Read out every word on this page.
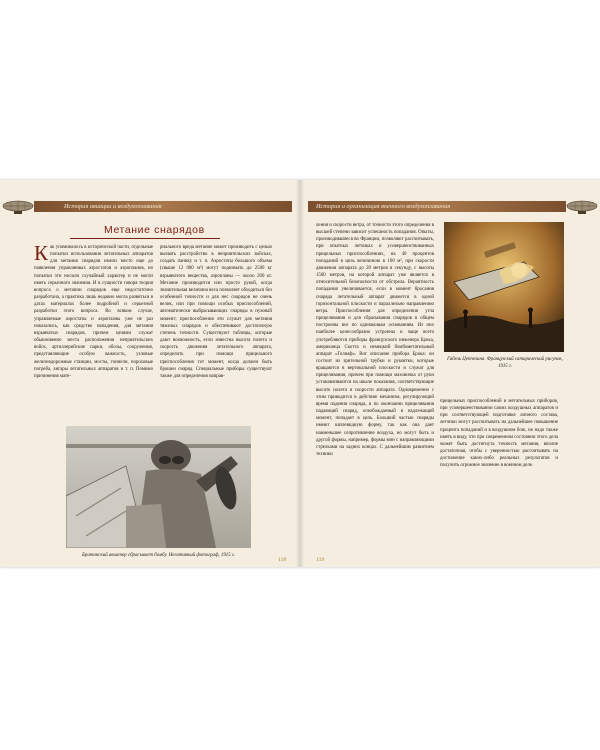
История авиации и воздухоплавания
Метание снарядов

Как упоминалось в исторической части, отдельные попытки использования летательных аппаратов для метания снарядов имели место еще до появления управляемых аэростатов и аэропланов, но попытки эти носили случайный характер и не могли иметь серьезного значения. И в сущности говоря теория вопроса о метании снарядов еще недостаточно разработана, а практика лишь недавно могла развиться в датах материалах более подробной и серьезной разработки этого вопроса. Во всяком случае, управляемые аэростаты и аэропланы уже не раз показались, как средство нападения, для метания взрывчатых снарядов, причем целями служат обыкновенно места расположения неприятельских войск, артиллерийские парки, обозы, сооружения, представляющие особую важность, узловые железнодорожные станции, мосты, тоннели, пороховые погреба, ангары летательных аппаратов и т. п. Помимо причинения мате-

риального вреда метание может производить с целью вызвать расстройство в неприятельских войсках, создать панику и т. п. Аэростаты большого объема (свыше 12 000 м³) могут поднимать до 2500 кг взрывчатого вещества, аэропланы — около 200 кг. Метание производится или просто рукой, когда значительная величина веса позволяет обходиться без особенной точности и для нес снарядов не очень велик, или при помощи особых приспособлений, автоматически выбрасывающих снаряды в нужный момент; приспособления эти служат для метания тяжелых снарядов и обеспечивают достаточную степень точности. Существуют таблицы, которые дают возможность, если известна высота полета и скорость движения летательного аппарата, определить при помощи прицельного приспособления тот момент, когда должен быть брошен снаряд. Специальные приборы существуют также для определения направ-

Британский авиатор сбрасывает бомбу. Негативный фотограф, 1915 г.
118
История и организация военного воздухоплавания

ления и скорости ветра, от точности этого определения в высшей степени зависит успешность попадания. Опыты, производившиеся во Франции, позволяют рассчитывать, при опытных летчиках и усовершенствованных прицельных приспособлениях, на 40 процентов попаданий в цель величиною в 100 м², при скорости движения аппарата до 20 метров в секунду, с высоты 1500 метров, на которой аппарат уже является в относительной безопасности от обстрела. Вероятность попадания увеличивается, если в момент бросания снаряда летательный аппарат движется в одной горизонтальной плоскости и параллельно направлению ветра. Приспособления для определения угла прицеливания и для сбрасывания снарядов в общем построены все по одинаковым основаниям. Из них наиболее целесообразно устроены и чаще всего употребляются приборы французского инженера Брока, американца Скотта и немецкий бомбометательный аппарат «Голиаф». Вот описание прибора Брока: он состоит из зрительной трубки и рукоятки, которые вращаются в вертикальной плоскости и служат для прицеливания, причем при помощи маховичка от руки устанавливаются на шкале показания, соответствующие высоте полета и скорости аппарата. Одновременно с этим приводится в действие механизм, регулирующий время падения снаряда, и по окончании прицеливания падающий снаряд, освобождаемый в надлежащий момент, попадает в цель. Больший частью снаряды имеют каплевидную форму, так как она дает наименьшее сопротивление воздуха, но могут быть и другой формы, например, формы мин с направляющими стрелками на задних концах. С дальнейшим развитием техники

Гибель Цеппелина. Французский сатирический рисунок, 1915 г.

прицельных приспособлений и метательных приборов, при усовершенствовании самих воздушных аппаратов и при соответствующей подготовке личного состава, летчики могут рассчитывать на дальнейшее повышение процента попаданий и в воздушном бою, но надо также иметь в виду, что при современном состоянии этого дела может быть достигнута точность метания, вполне достаточная, чтобы с уверенностью рассчитывать на достижение каких-либо реальных результатов и получить огромное значение в военном деле.

119
